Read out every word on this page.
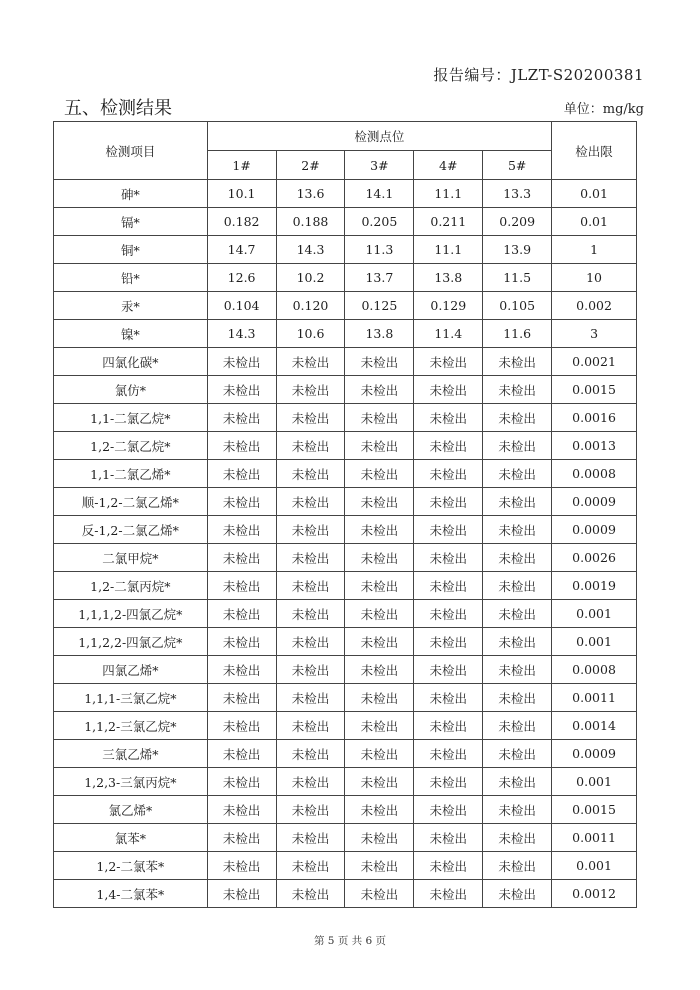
报告编号：JLZT-S20200381
五、检测结果	单位：mg/kg
检测项目	检测点位					检出限
	1#	2#	3#	4#	5#	
砷*	10.1	13.6	14.1	11.1	13.3	0.01
镉*	0.182	0.188	0.205	0.211	0.209	0.01
铜*	14.7	14.3	11.3	11.1	13.9	1
铅*	12.6	10.2	13.7	13.8	11.5	10
汞*	0.104	0.120	0.125	0.129	0.105	0.002
镍*	14.3	10.6	13.8	11.4	11.6	3
四氯化碳*	未检出	未检出	未检出	未检出	未检出	0.0021
氯仿*	未检出	未检出	未检出	未检出	未检出	0.0015
1,1-二氯乙烷*	未检出	未检出	未检出	未检出	未检出	0.0016
1,2-二氯乙烷*	未检出	未检出	未检出	未检出	未检出	0.0013
1,1-二氯乙烯*	未检出	未检出	未检出	未检出	未检出	0.0008
顺-1,2-二氯乙烯*	未检出	未检出	未检出	未检出	未检出	0.0009
反-1,2-二氯乙烯*	未检出	未检出	未检出	未检出	未检出	0.0009
二氯甲烷*	未检出	未检出	未检出	未检出	未检出	0.0026
1,2-二氯丙烷*	未检出	未检出	未检出	未检出	未检出	0.0019
1,1,1,2-四氯乙烷*	未检出	未检出	未检出	未检出	未检出	0.001
1,1,2,2-四氯乙烷*	未检出	未检出	未检出	未检出	未检出	0.001
四氯乙烯*	未检出	未检出	未检出	未检出	未检出	0.0008
1,1,1-三氯乙烷*	未检出	未检出	未检出	未检出	未检出	0.0011
1,1,2-三氯乙烷*	未检出	未检出	未检出	未检出	未检出	0.0014
三氯乙烯*	未检出	未检出	未检出	未检出	未检出	0.0009
1,2,3-三氯丙烷*	未检出	未检出	未检出	未检出	未检出	0.001
氯乙烯*	未检出	未检出	未检出	未检出	未检出	0.0015
氯苯*	未检出	未检出	未检出	未检出	未检出	0.0011
1,2-二氯苯*	未检出	未检出	未检出	未检出	未检出	0.001
1,4-二氯苯*	未检出	未检出	未检出	未检出	未检出	0.0012
第 5 页 共 6 页
